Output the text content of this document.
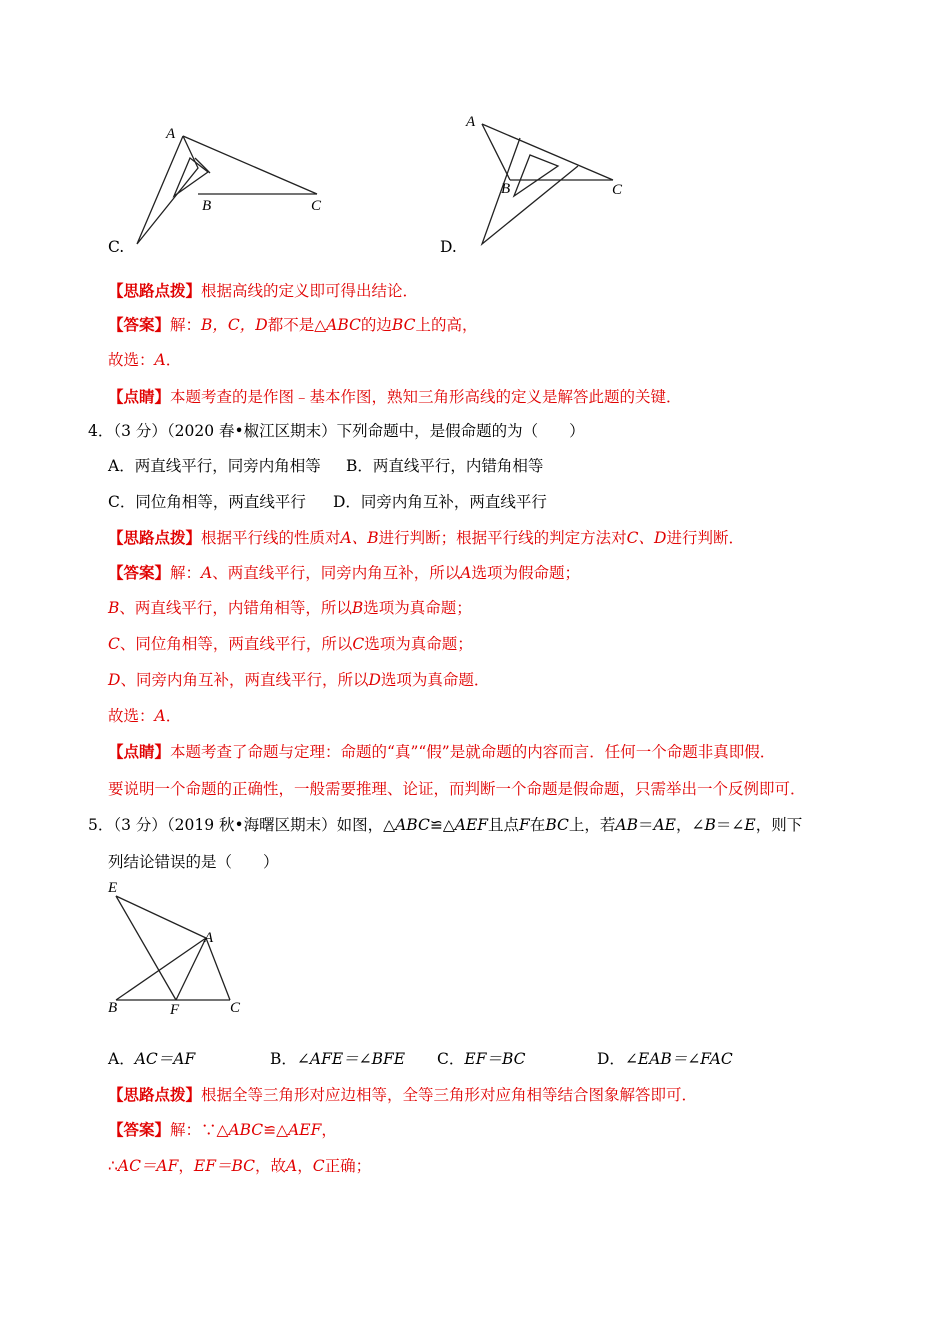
A
B	C
C.
A
B	C
D.
【思路点拨】根据高线的定义即可得出结论．
【答案】解：B，C，D都不是△ABC的边BC上的高，
故选：A．
【点睛】本题考查的是作图﹣基本作图，熟知三角形高线的定义是解答此题的关键．
4．（3 分）（2020 春•椒江区期末）下列命题中，是假命题的为（　　）
A．两直线平行，同旁内角相等 B．两直线平行，内错角相等
C．同位角相等，两直线平行 D．同旁内角互补，两直线平行
【思路点拨】根据平行线的性质对A、B进行判断；根据平行线的判定方法对C、D进行判断．
【答案】解：A、两直线平行，同旁内角互补，所以A选项为假命题；
B、两直线平行，内错角相等，所以B选项为真命题；
C、同位角相等，两直线平行，所以C选项为真命题；
D、同旁内角互补，两直线平行，所以D选项为真命题．
故选：A．
【点睛】本题考查了命题与定理：命题的“真”“假”是就命题的内容而言．任何一个命题非真即假．
要说明一个命题的正确性，一般需要推理、论证，而判断一个命题是假命题，只需举出一个反例即可．
5．（3 分）（2019 秋•海曙区期末）如图，△ABC≌△AEF且点F在BC上，若AB＝AE，∠B＝∠E，则下
列结论错误的是（　　）
E
A
B	F	C
A．AC＝AF	B．∠AFE＝∠BFE C．EF＝BC	D．∠EAB＝∠FAC
【思路点拨】根据全等三角形对应边相等，全等三角形对应角相等结合图象解答即可．
【答案】解：∵△ABC≌△AEF，
∴AC＝AF，EF＝BC，故A，C正确；
